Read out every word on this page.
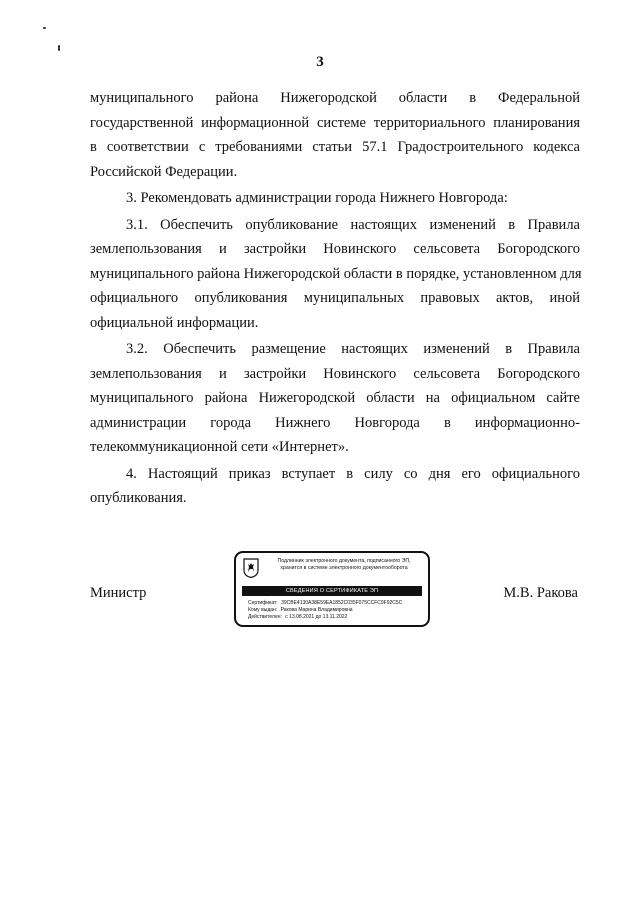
3

муниципального района Нижегородской области в Федеральной
государственной информационной системе территориального планирования
в соответствии с требованиями статьи 57.1 Градостроительного кодекса
Российской Федерации.

3. Рекомендовать администрации города Нижнего Новгорода:

3.1. Обеспечить опубликование настоящих изменений в Правила
землепользования и застройки Новинского сельсовета Богородского
муниципального района Нижегородской области в порядке, установленном для
официального опубликования муниципальных правовых актов, иной
официальной информации.

3.2. Обеспечить размещение настоящих изменений в Правила
землепользования и застройки Новинского сельсовета Богородского
муниципального района Нижегородской области на официальном сайте
администрации города Нижнего Новгорода в информационно-
телекоммуникационной сети «Интернет».

4. Настоящий приказ вступает в силу со дня его официального
опубликования.

Министр	М.В. Ракова
Подлинник электронного документа, подписанного ЭП,
хранится в системе электронного документооборота
СВЕДЕНИЯ О СЕРТИФИКАТЕ ЭП
Сертификат: 39CBE4130A38E59EA1852C035F075CCFC9F92C5C
Кому выдан: Ракова Марина Владимировна
Действителен: с 13.08.2021 до 13.11.2022
